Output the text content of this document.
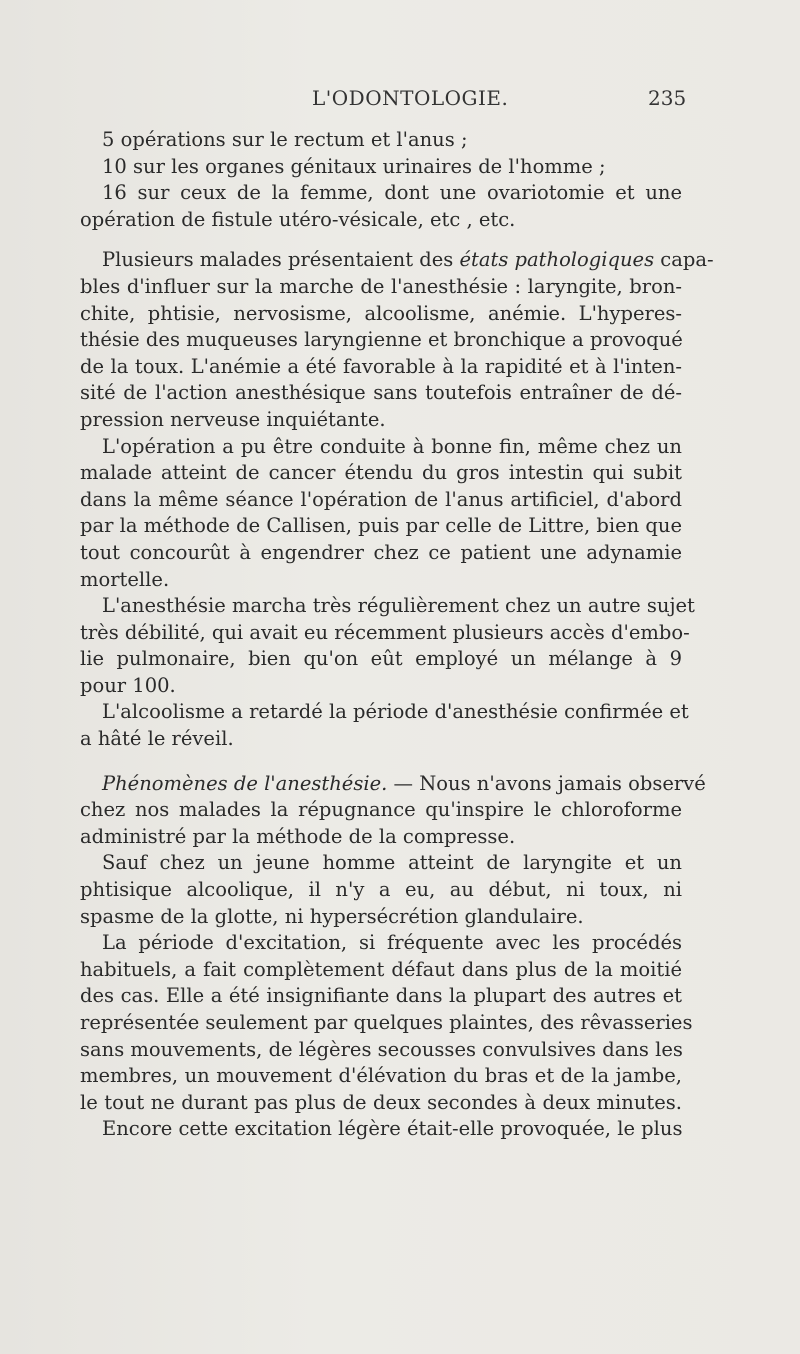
L'ODONTOLOGIE.	235
5 opérations sur le rectum et l'anus ;
10 sur les organes génitaux urinaires de l'homme ;
16 sur ceux de la femme, dont une ovariotomie et une
opération de fistule utéro-vésicale, etc , etc.
Plusieurs malades présentaient des états pathologiques capa-
bles d'influer sur la marche de l'anesthésie : laryngite, bron-
chite, phtisie, nervosisme, alcoolisme, anémie. L'hyperes-
thésie des muqueuses laryngienne et bronchique a provoqué
de la toux. L'anémie a été favorable à la rapidité et à l'inten-
sité de l'action anesthésique sans toutefois entraîner de dé-
pression nerveuse inquiétante.
L'opération a pu être conduite à bonne fin, même chez un
malade atteint de cancer étendu du gros intestin qui subit
dans la même séance l'opération de l'anus artificiel, d'abord
par la méthode de Callisen, puis par celle de Littre, bien que
tout concourût à engendrer chez ce patient une adynamie
mortelle.
L'anesthésie marcha très régulièrement chez un autre sujet
très débilité, qui avait eu récemment plusieurs accès d'embo-
lie pulmonaire, bien qu'on eût employé un mélange à 9
pour 100.
L'alcoolisme a retardé la période d'anesthésie confirmée et
a hâté le réveil.
Phénomènes de l'anesthésie. — Nous n'avons jamais observé
chez nos malades la répugnance qu'inspire le chloroforme
administré par la méthode de la compresse.
Sauf chez un jeune homme atteint de laryngite et un
phtisique alcoolique, il n'y a eu, au début, ni toux, ni
spasme de la glotte, ni hypersécrétion glandulaire.
La période d'excitation, si fréquente avec les procédés
habituels, a fait complètement défaut dans plus de la moitié
des cas. Elle a été insignifiante dans la plupart des autres et
représentée seulement par quelques plaintes, des rêvasseries
sans mouvements, de légères secousses convulsives dans les
membres, un mouvement d'élévation du bras et de la jambe,
le tout ne durant pas plus de deux secondes à deux minutes.
Encore cette excitation légère était-elle provoquée, le plus
